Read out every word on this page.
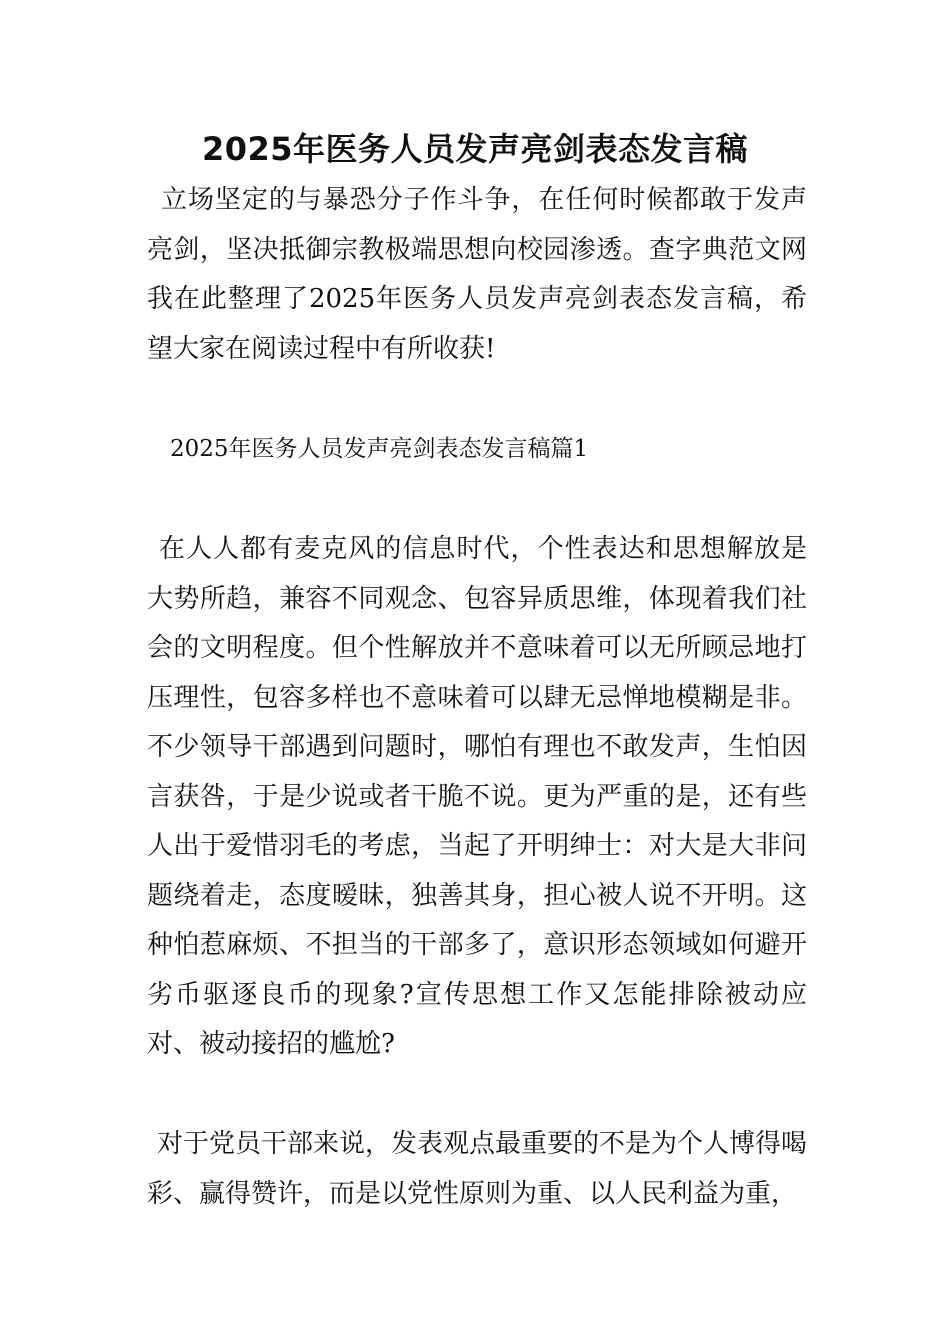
2025年医务人员发声亮剑表态发言稿

立场坚定的与暴恐分子作斗争，在任何时候都敢于发声亮剑，坚决抵御宗教极端思想向校园渗透。查字典范文网我在此整理了2025年医务人员发声亮剑表态发言稿，希望大家在阅读过程中有所收获!

2025年医务人员发声亮剑表态发言稿篇1

在人人都有麦克风的信息时代，个性表达和思想解放是大势所趋，兼容不同观念、包容异质思维，体现着我们社会的文明程度。但个性解放并不意味着可以无所顾忌地打压理性，包容多样也不意味着可以肆无忌惮地模糊是非。不少领导干部遇到问题时，哪怕有理也不敢发声，生怕因言获咎，于是少说或者干脆不说。更为严重的是，还有些人出于爱惜羽毛的考虑，当起了开明绅士：对大是大非问题绕着走，态度暧昧，独善其身，担心被人说不开明。这种怕惹麻烦、不担当的干部多了，意识形态领域如何避开劣币驱逐良币的现象?宣传思想工作又怎能排除被动应对、被动接招的尴尬?

对于党员干部来说，发表观点最重要的不是为个人博得喝彩、赢得赞许，而是以党性原则为重、以人民利益为重，
